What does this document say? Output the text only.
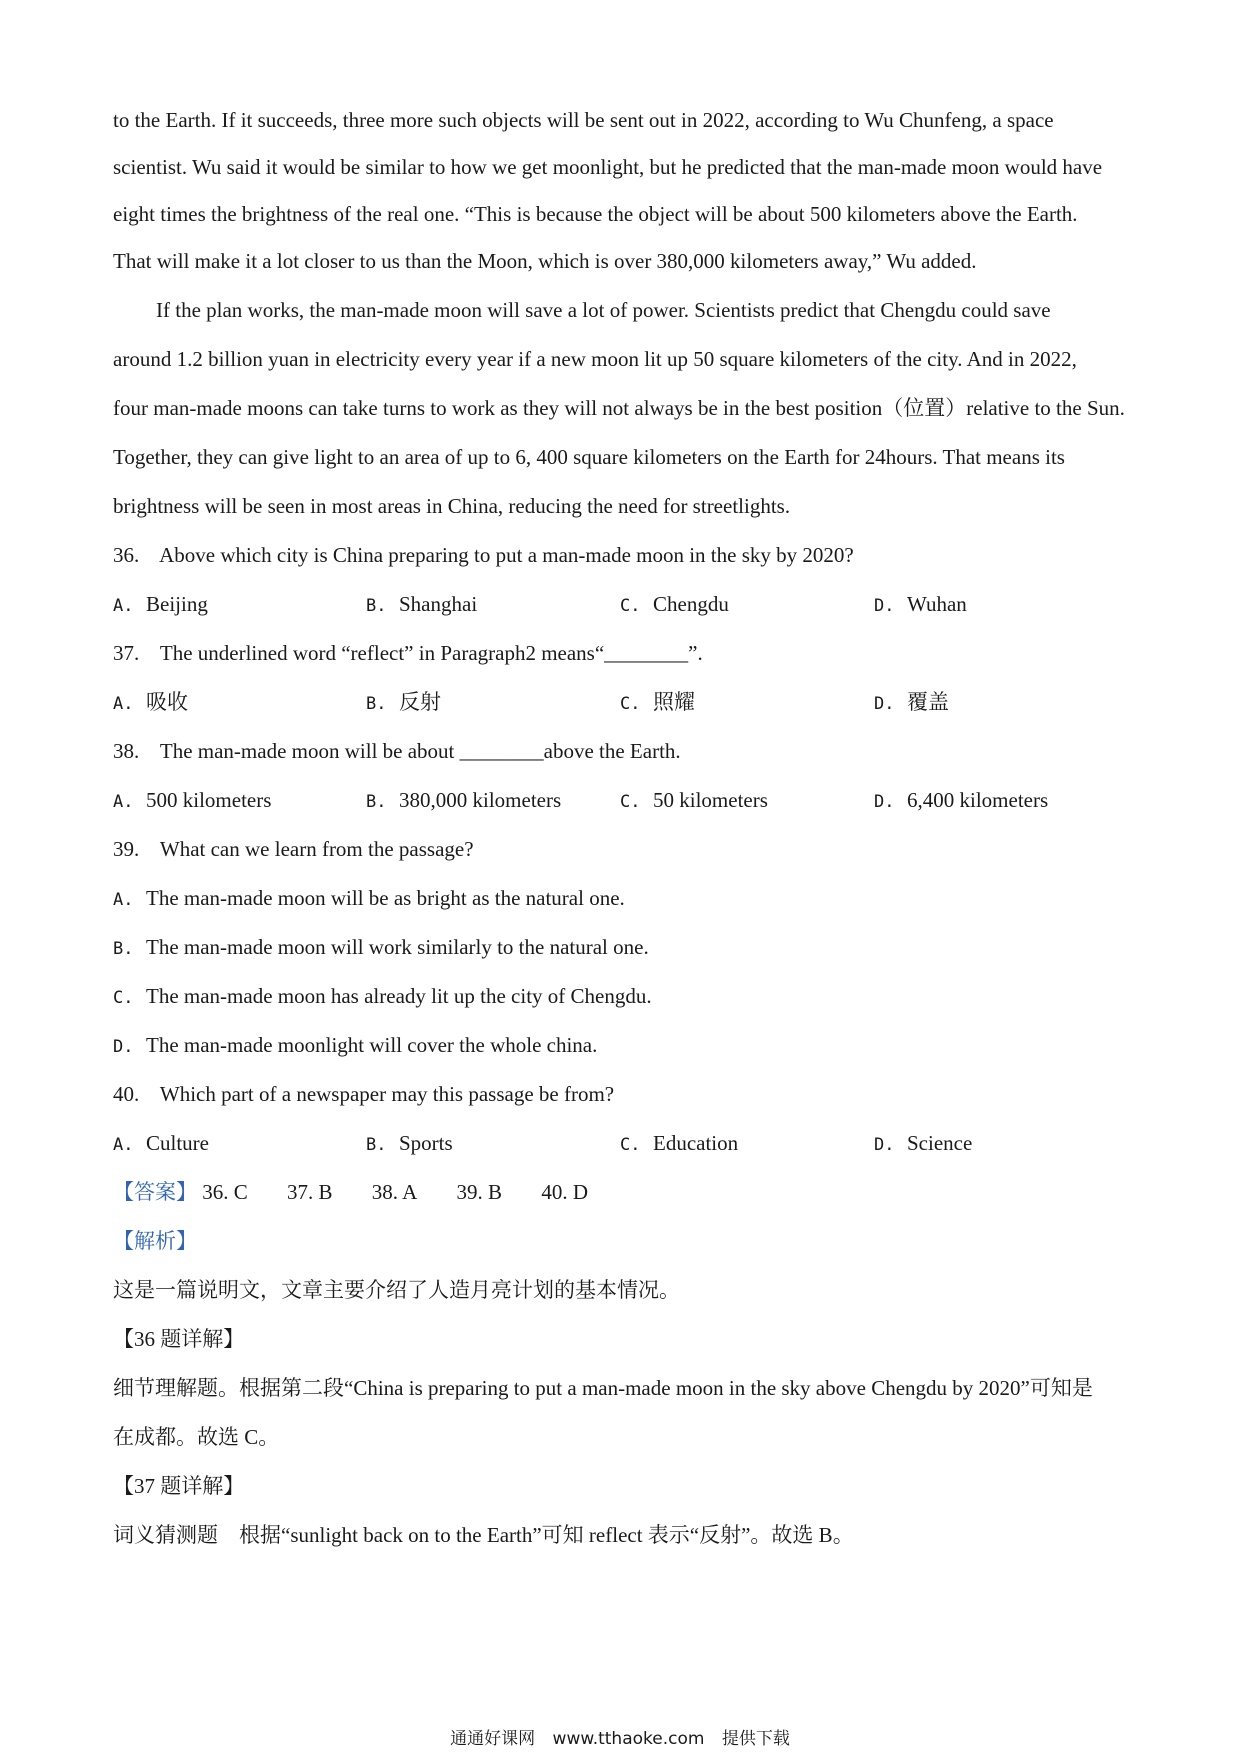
to the Earth. If it succeeds, three more such objects will be sent out in 2022, according to Wu Chunfeng, a space
scientist. Wu said it would be similar to how we get moonlight, but he predicted that the man-made moon would have
eight times the brightness of the real one. “This is because the object will be about 500 kilometers above the Earth.
That will make it a lot closer to us than the Moon, which is over 380,000 kilometers away,” Wu added.
If the plan works, the man-made moon will save a lot of power. Scientists predict that Chengdu could save
around 1.2 billion yuan in electricity every year if a new moon lit up 50 square kilometers of the city. And in 2022,
four man-made moons can take turns to work as they will not always be in the best position（位置）relative to the Sun.
Together, they can give light to an area of up to 6, 400 square kilometers on the Earth for 24hours. That means its
brightness will be seen in most areas in China, reducing the need for streetlights.
36. Above which city is China preparing to put a man-made moon in the sky by 2020?
A. Beijing	B. Shanghai	C. Chengdu	D. Wuhan
37. The underlined word “reflect” in Paragraph2 means“________”.
A. 吸收	B. 反射	C. 照耀	D. 覆盖
38. The man-made moon will be about ________above the Earth.
A. 500 kilometers	B. 380,000 kilometers	C. 50 kilometers	D. 6,400 kilometers
39. What can we learn from the passage?
A. The man-made moon will be as bright as the natural one.
B. The man-made moon will work similarly to the natural one.
C. The man-made moon has already lit up the city of Chengdu.
D. The man-made moonlight will cover the whole china.
40. Which part of a newspaper may this passage be from?
A. Culture	B. Sports	C. Education	D. Science
【答案】 36. C 37. B 38. A 39. B 40. D
【解析】
这是一篇说明文，文章主要介绍了人造月亮计划的基本情况。
【36 题详解】
细节理解题。根据第二段“China is preparing to put a man-made moon in the sky above Chengdu by 2020”可知是
在成都。故选 C。
【37 题详解】
词义猜测题　根据“sunlight back on to the Earth”可知 reflect 表示“反射”。故选 B。
通通好课网 www.tthaoke.com 提供下载
